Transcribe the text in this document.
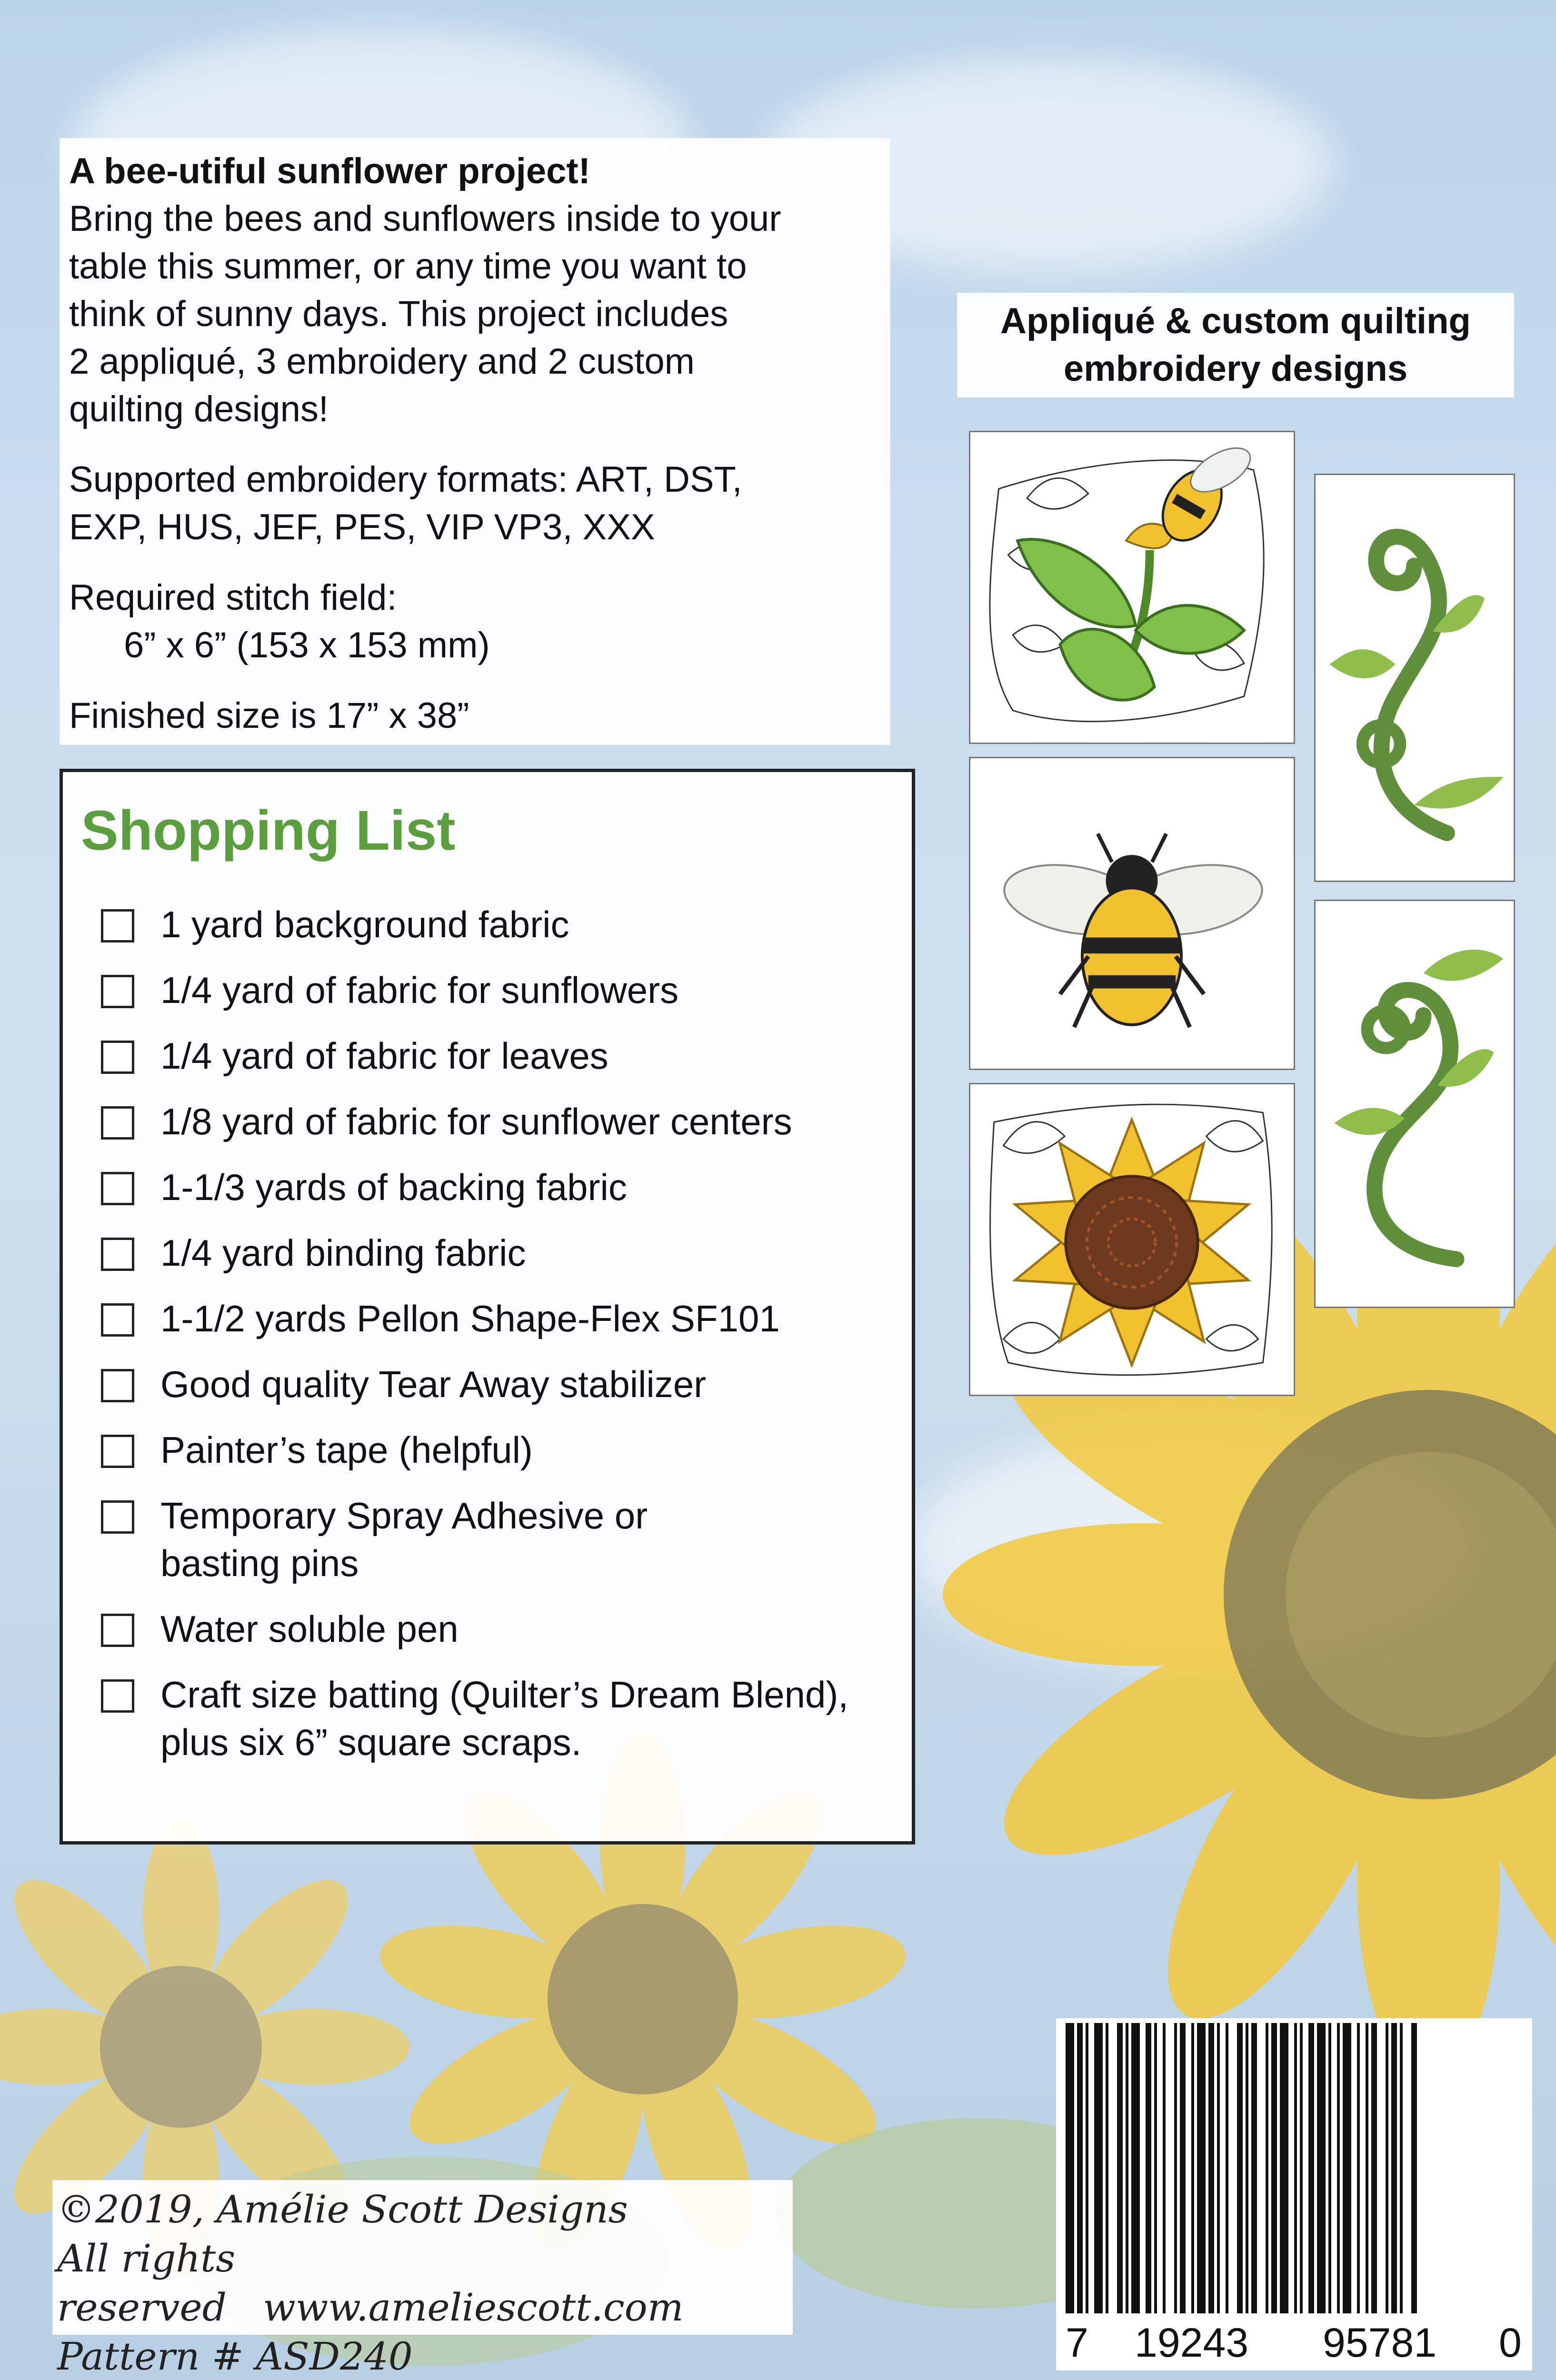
A bee-utiful sunflower project!
Bring the bees and sunflowers inside to your
table this summer, or any time you want to
think of sunny days. This project includes
2 appliqué, 3 embroidery and 2 custom
quilting designs!

Supported embroidery formats: ART, DST,
EXP, HUS, JEF, PES, VIP VP3, XXX

Required stitch field:
6” x 6” (153 x 153 mm)

Finished size is 17” x 38”

Shopping List
1 yard background fabric
1/4 yard of fabric for sunflowers
1/4 yard of fabric for leaves
1/8 yard of fabric for sunflower centers
1-1/3 yards of backing fabric
1/4 yard binding fabric
1-1/2 yards Pellon Shape-Flex SF101
Good quality Tear Away stabilizer
Painter’s tape (helpful)
Temporary Spray Adhesive or
basting pins
Water soluble pen
Craft size batting (Quilter’s Dream Blend),
plus six 6” square scraps.
Appliqué & custom quilting
embroidery designs
©2019, Amélie Scott Designs
All rights reserved www.ameliescott.com
Pattern # ASD240	7 19243 95781 0
